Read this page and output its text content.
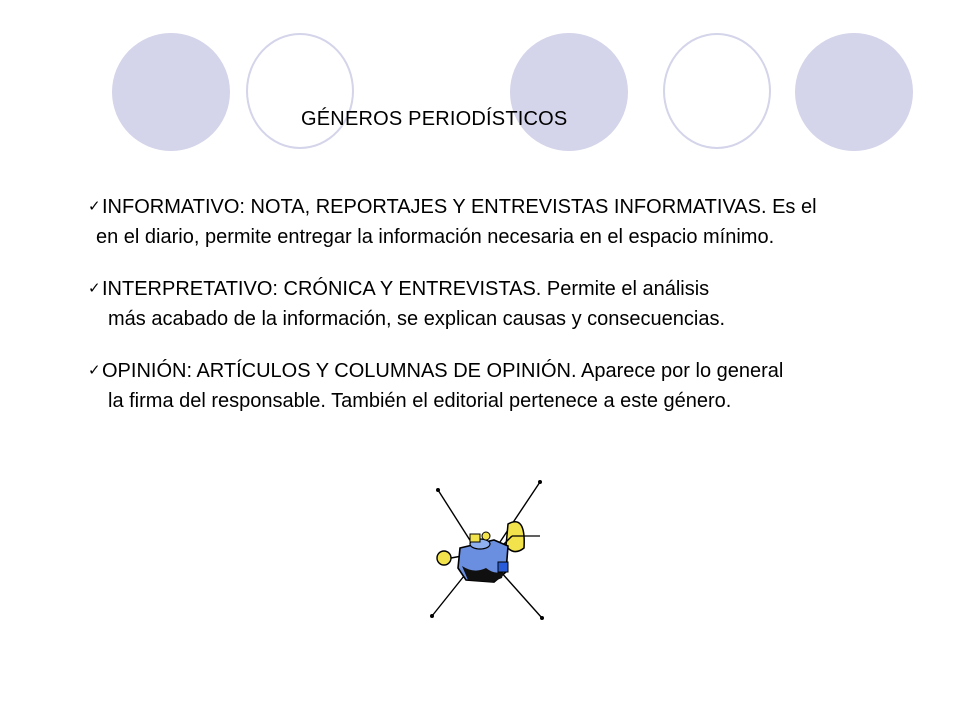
GÉNEROS PERIODÍSTICOS
✓ INFORMATIVO: NOTA, REPORTAJES Y ENTREVISTAS INFORMATIVAS. Es el
en el diario, permite entregar la información necesaria en el espacio mínimo.
✓ INTERPRETATIVO: CRÓNICA Y ENTREVISTAS. Permite el análisis
más acabado de la información, se explican causas y consecuencias.
✓ OPINIÓN: ARTÍCULOS Y COLUMNAS DE OPINIÓN. Aparece por lo general
la firma del responsable. También el editorial pertenece a este género.
